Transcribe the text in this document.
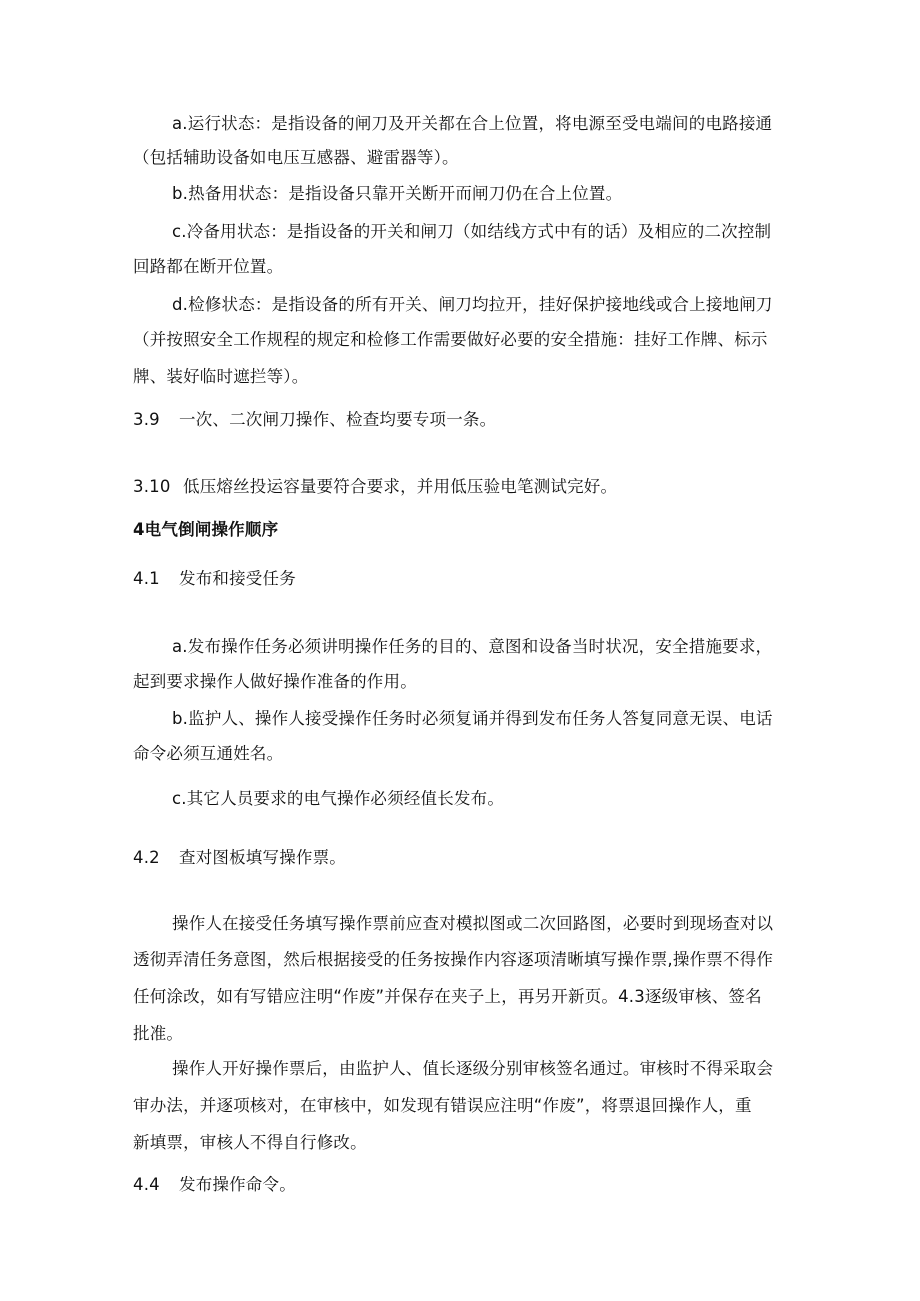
a.运行状态：是指设备的闸刀及开关都在合上位置，将电源至受电端间的电路接通
（包括辅助设备如电压互感器、避雷器等）。
b.热备用状态：是指设备只靠开关断开而闸刀仍在合上位置。
c.冷备用状态：是指设备的开关和闸刀（如结线方式中有的话）及相应的二次控制
回路都在断开位置。
d.检修状态：是指设备的所有开关、闸刀均拉开，挂好保护接地线或合上接地闸刀
（并按照安全工作规程的规定和检修工作需要做好必要的安全措施：挂好工作牌、标示
牌、装好临时遮拦等）。
3.9 一次、二次闸刀操作、检查均要专项一条。
3.10 低压熔丝投运容量要符合要求，并用低压验电笔测试完好。
4电气倒闸操作顺序
4.1 发布和接受任务
a.发布操作任务必须讲明操作任务的目的、意图和设备当时状况，安全措施要求，
起到要求操作人做好操作准备的作用。
b.监护人、操作人接受操作任务时必须复诵并得到发布任务人答复同意无误、电话
命令必须互通姓名。
c.其它人员要求的电气操作必须经值长发布。
4.2 查对图板填写操作票。
操作人在接受任务填写操作票前应查对模拟图或二次回路图，必要时到现场查对以
透彻弄清任务意图，然后根据接受的任务按操作内容逐项清晰填写操作票,操作票不得作
任何涂改，如有写错应注明“作废”并保存在夹子上，再另开新页。4.3逐级审核、签名
批准。
操作人开好操作票后，由监护人、值长逐级分别审核签名通过。审核时不得采取会
审办法，并逐项核对，在审核中，如发现有错误应注明“作废”，将票退回操作人，重
新填票，审核人不得自行修改。
4.4 发布操作命令。
